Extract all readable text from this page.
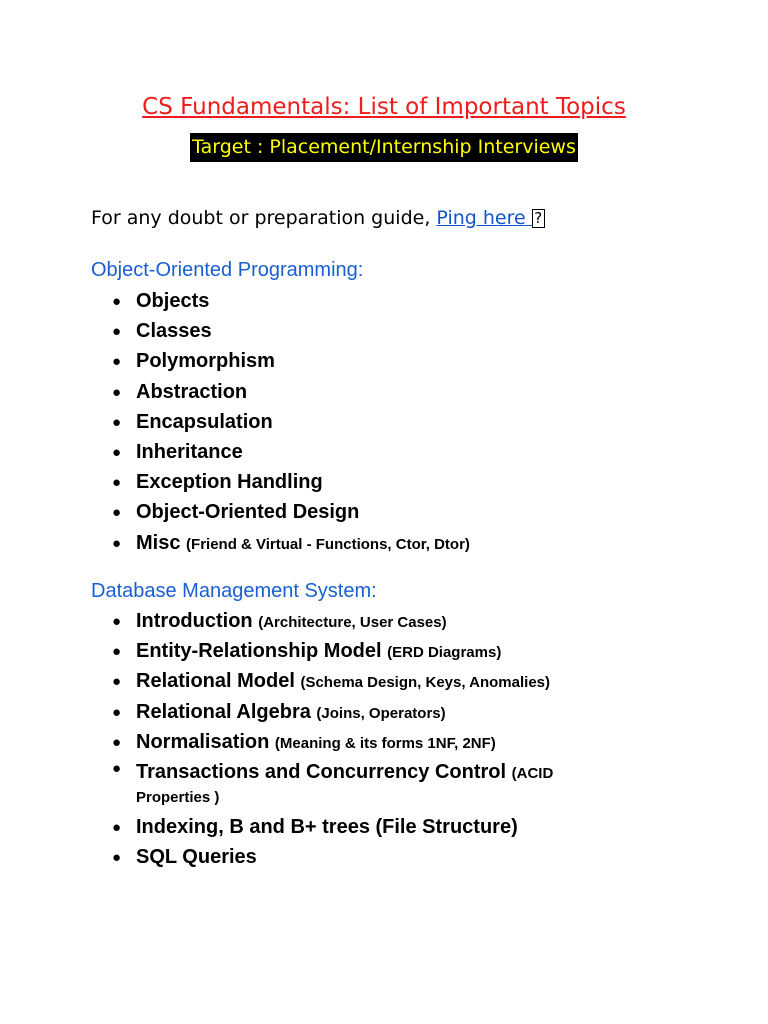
CS Fundamentals: List of Important Topics
Target : Placement/Internship Interviews
For any doubt or preparation guide, Ping here ?
Object-Oriented Programming:
● Objects
● Classes
● Polymorphism
● Abstraction
● Encapsulation
● Inheritance
● Exception Handling
● Object-Oriented Design
● Misc (Friend & Virtual - Functions, Ctor, Dtor)
Database Management System:
● Introduction (Architecture, User Cases)
● Entity-Relationship Model (ERD Diagrams)
● Relational Model (Schema Design, Keys, Anomalies)
● Relational Algebra (Joins, Operators)
● Normalisation (Meaning & its forms 1NF, 2NF)
● Transactions and Concurrency Control (ACID Properties )
● Indexing, B and B+ trees (File Structure)
● SQL Queries
